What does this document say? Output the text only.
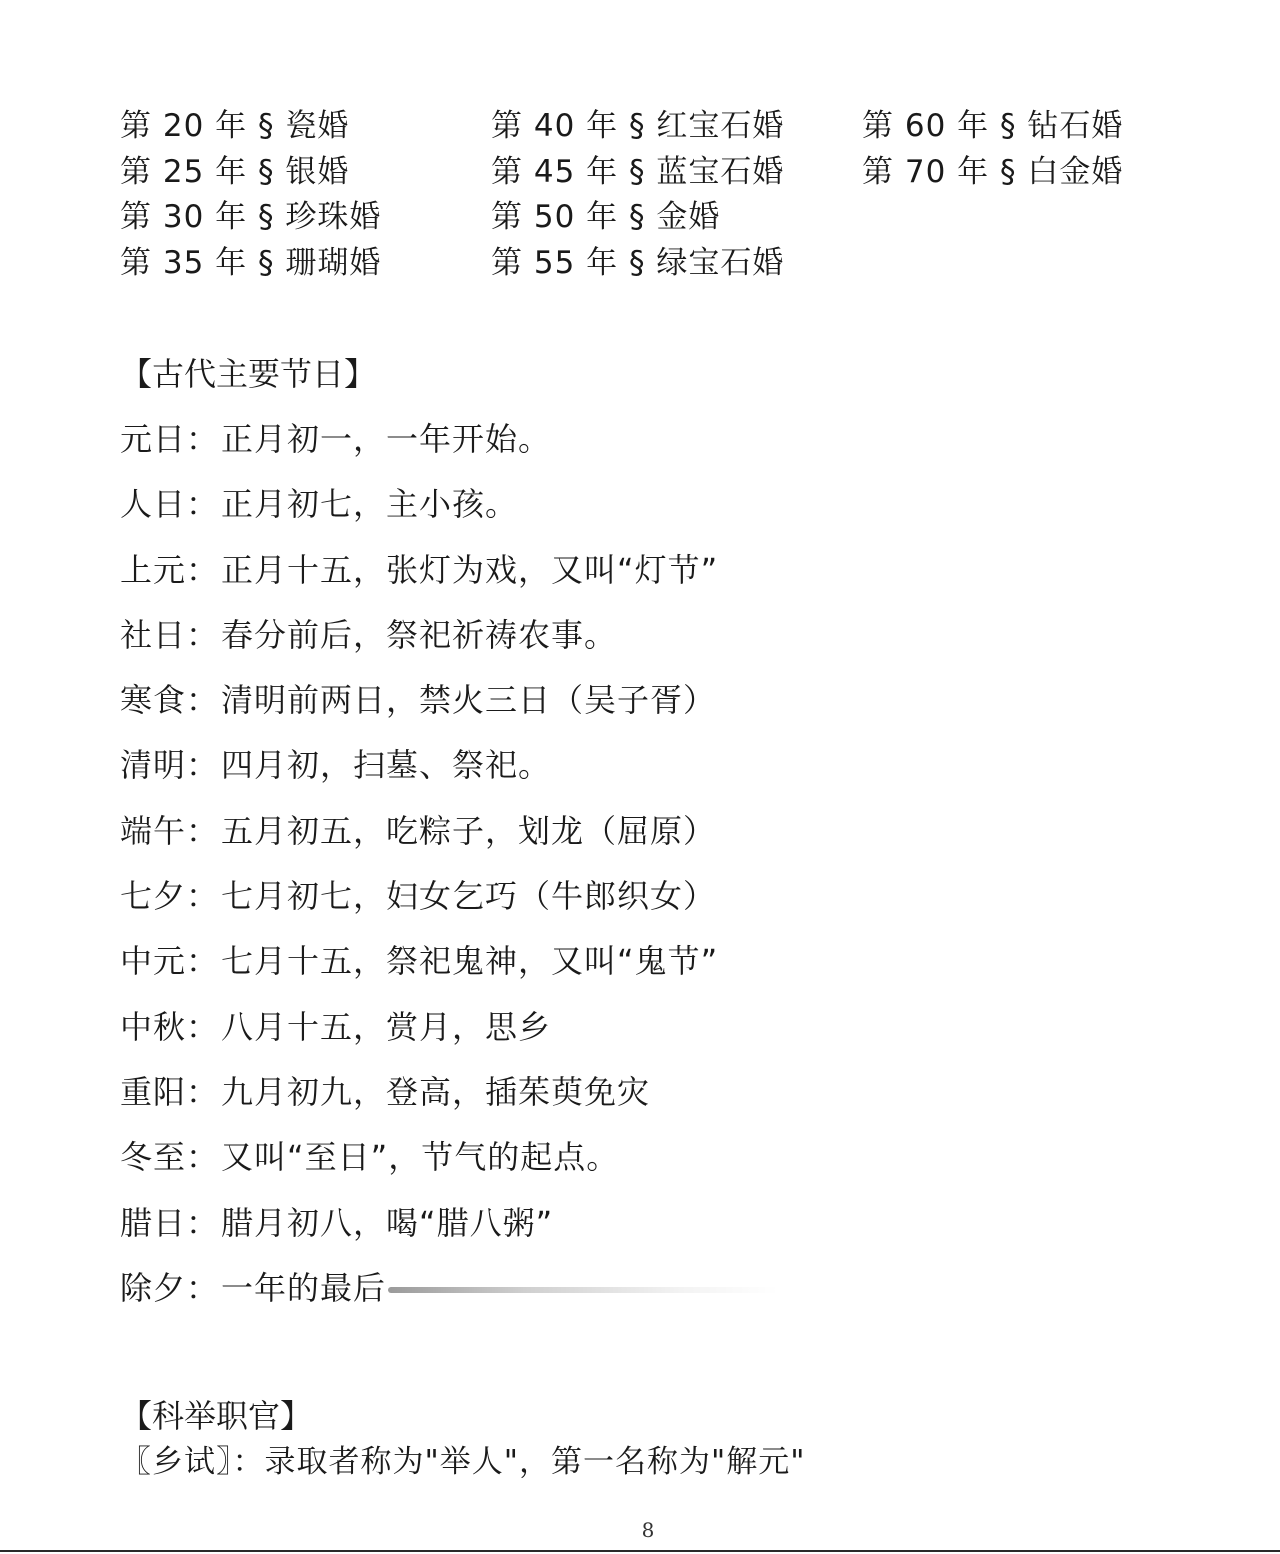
第 20 年 § 瓷婚
第 25 年 § 银婚
第 30 年 § 珍珠婚
第 35 年 § 珊瑚婚
第 40 年 § 红宝石婚
第 45 年 § 蓝宝石婚
第 50 年 § 金婚
第 55 年 § 绿宝石婚
第 60 年 § 钻石婚
第 70 年 § 白金婚
【古代主要节日】
元日：正月初一，一年开始。
人日：正月初七，主小孩。
上元：正月十五，张灯为戏，又叫“灯节”
社日：春分前后，祭祀祈祷农事。
寒食：清明前两日，禁火三日（吴子胥）
清明：四月初，扫墓、祭祀。
端午：五月初五，吃粽子，划龙（屈原）
七夕：七月初七，妇女乞巧（牛郎织女）
中元：七月十五，祭祀鬼神，又叫“鬼节”
中秋：八月十五，赏月，思乡
重阳：九月初九，登高，插茱萸免灾
冬至：又叫“至日”，节气的起点。
腊日：腊月初八，喝“腊八粥”
除夕：一年的最后
【科举职官】
〖乡试〗：录取者称为"举人"，第一名称为"解元"
8
